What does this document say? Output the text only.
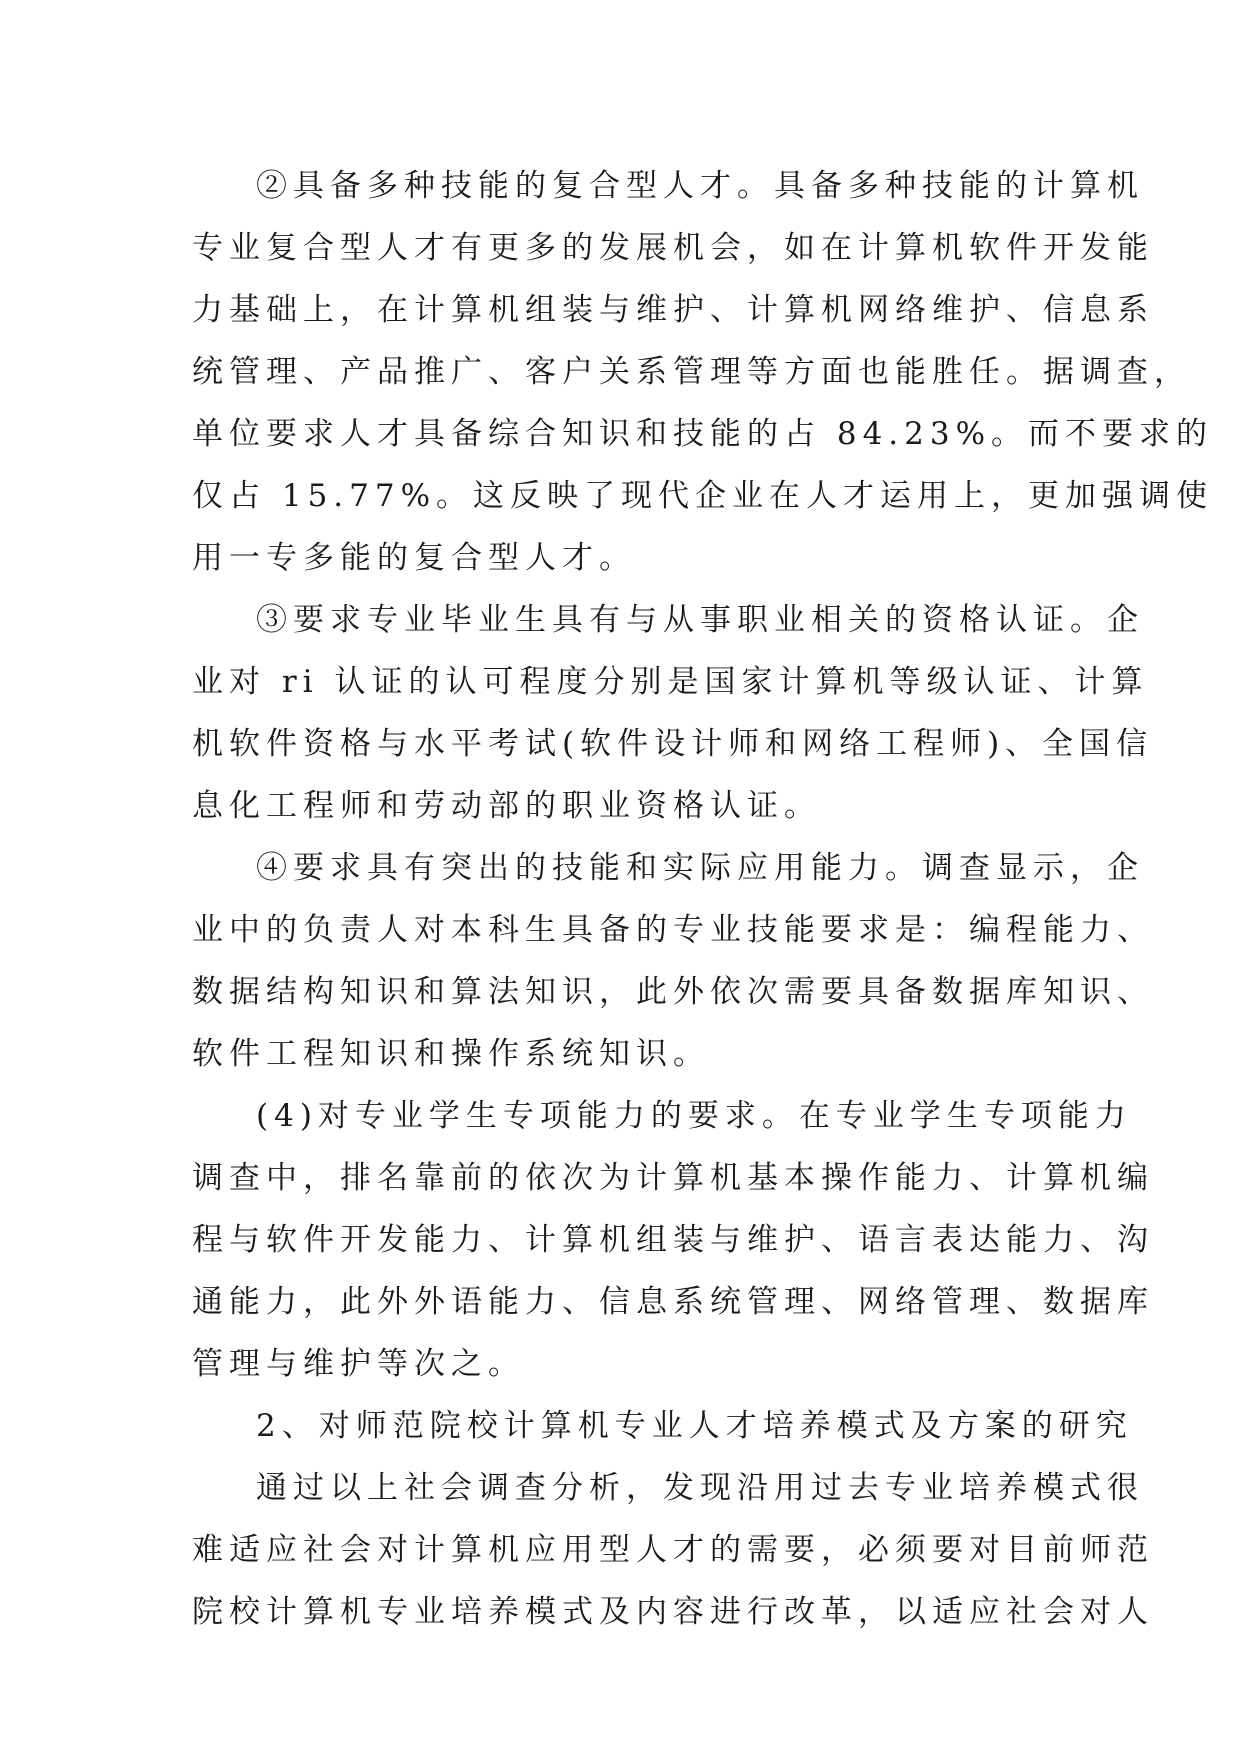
②具备多种技能的复合型人才。具备多种技能的计算机
专业复合型人才有更多的发展机会，如在计算机软件开发能
力基础上，在计算机组装与维护、计算机网络维护、信息系
统管理、产品推广、客户关系管理等方面也能胜任。据调查，
单位要求人才具备综合知识和技能的占 84.23%。而不要求的
仅占 15.77%。这反映了现代企业在人才运用上，更加强调使
用一专多能的复合型人才。
③要求专业毕业生具有与从事职业相关的资格认证。企
业对 ri 认证的认可程度分别是国家计算机等级认证、计算
机软件资格与水平考试(软件设计师和网络工程师)、全国信
息化工程师和劳动部的职业资格认证。
④要求具有突出的技能和实际应用能力。调查显示，企
业中的负责人对本科生具备的专业技能要求是：编程能力、
数据结构知识和算法知识，此外依次需要具备数据库知识、
软件工程知识和操作系统知识。
(4)对专业学生专项能力的要求。在专业学生专项能力
调查中，排名靠前的依次为计算机基本操作能力、计算机编
程与软件开发能力、计算机组装与维护、语言表达能力、沟
通能力，此外外语能力、信息系统管理、网络管理、数据库
管理与维护等次之。
2、对师范院校计算机专业人才培养模式及方案的研究
通过以上社会调查分析，发现沿用过去专业培养模式很
难适应社会对计算机应用型人才的需要，必须要对目前师范
院校计算机专业培养模式及内容进行改革，以适应社会对人
